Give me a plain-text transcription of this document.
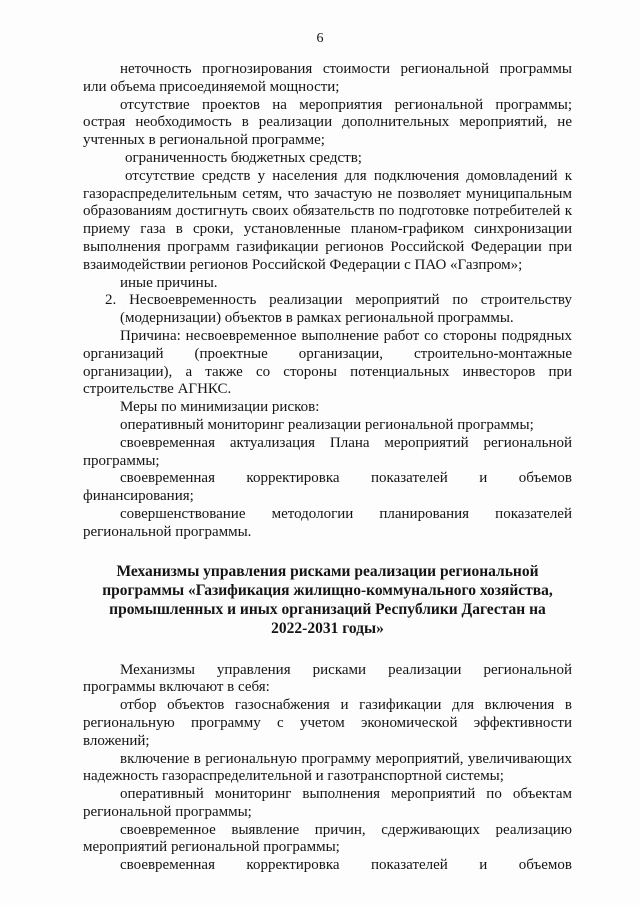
6

неточность прогнозирования стоимости региональной программы или объема присоединяемой мощности;

отсутствие проектов на мероприятия региональной программы; острая необходимость в реализации дополнительных мероприятий, не учтенных в региональной программе;

ограниченность бюджетных средств;

отсутствие средств у населения для подключения домовладений к газораспределительным сетям, что зачастую не позволяет муниципальным образованиям достигнуть своих обязательств по подготовке потребителей к приему газа в сроки, установленные планом-графиком синхронизации выполнения программ газификации регионов Российской Федерации при взаимодействии регионов Российской Федерации с ПАО «Газпром»;

иные причины.

2. Несвоевременность реализации мероприятий по строительству (модернизации) объектов в рамках региональной программы.

Причина: несвоевременное выполнение работ со стороны подрядных организаций (проектные организации, строительно-монтажные организации), а также со стороны потенциальных инвесторов при строительстве АГНКС.

Меры по минимизации рисков:

оперативный мониторинг реализации региональной программы;

своевременная актуализация Плана мероприятий региональной программы;

своевременная корректировка показателей и объемов финансирования;

совершенствование методологии планирования показателей региональной программы.

Механизмы управления рисками реализации региональной программы «Газификация жилищно-коммунального хозяйства, промышленных и иных организаций Республики Дагестан на 2022-2031 годы»

Механизмы управления рисками реализации региональной программы включают в себя:

отбор объектов газоснабжения и газификации для включения в региональную программу с учетом экономической эффективности вложений;

включение в региональную программу мероприятий, увеличивающих надежность газораспределительной и газотранспортной системы;

оперативный мониторинг выполнения мероприятий по объектам региональной программы;

своевременное выявление причин, сдерживающих реализацию мероприятий региональной программы;

своевременная корректировка показателей и объемов
